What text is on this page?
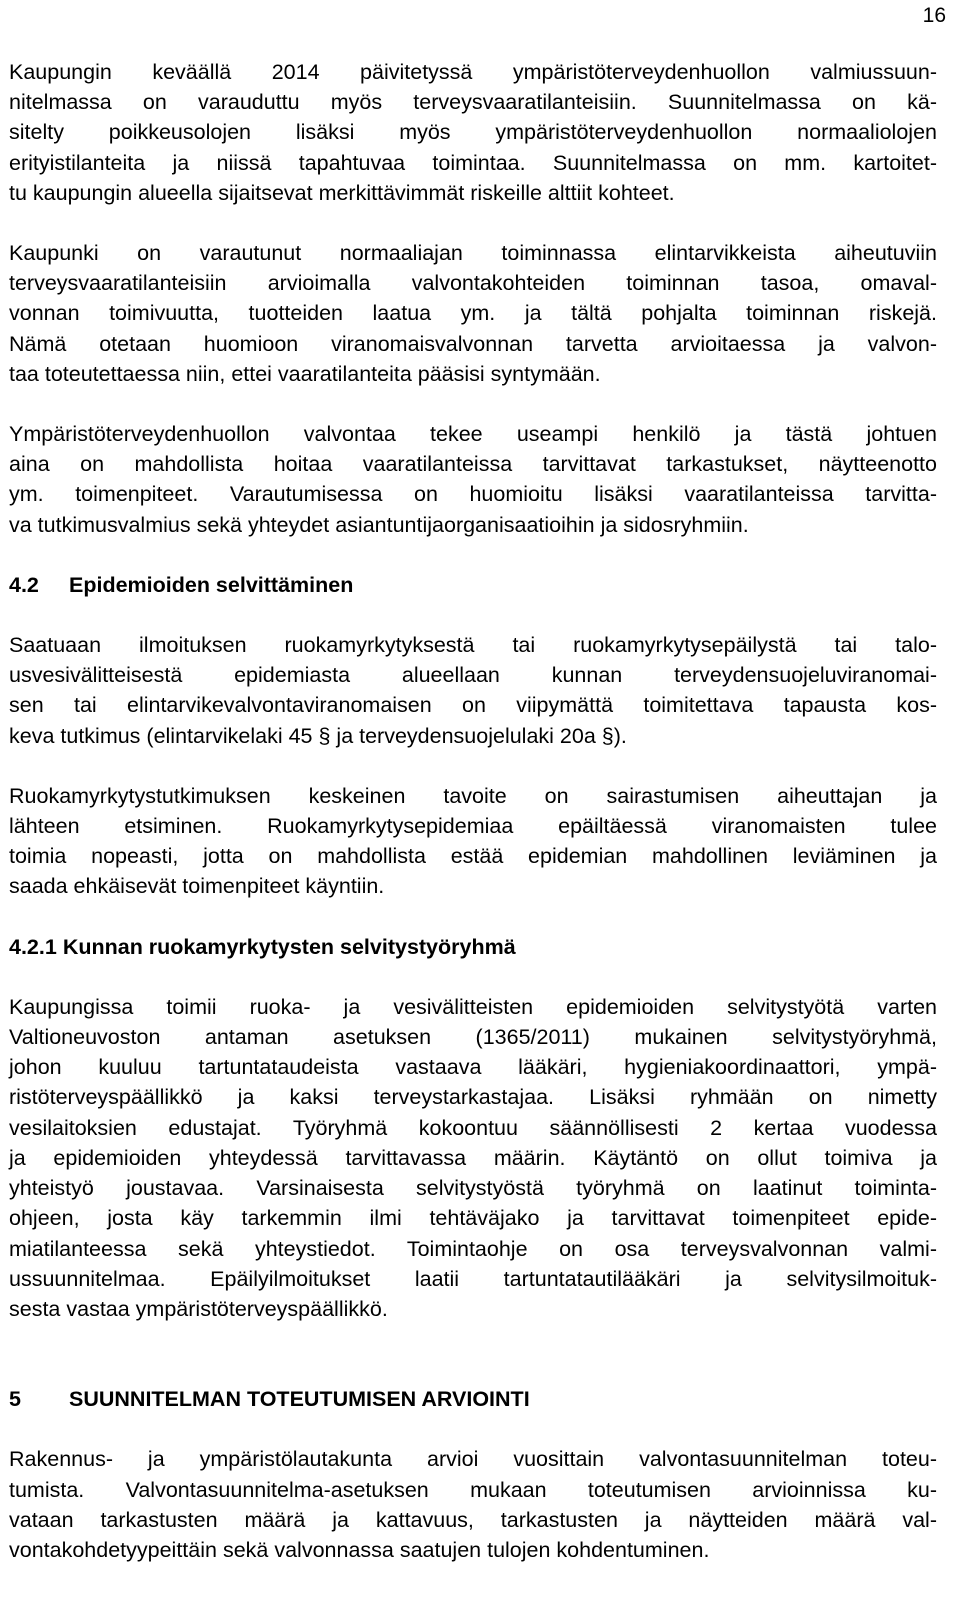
16
Kaupungin keväällä 2014 päivitetyssä ympäristöterveydenhuollon valmiussuun-
nitelmassa on varauduttu myös terveysvaaratilanteisiin. Suunnitelmassa on kä-
sitelty poikkeusolojen lisäksi myös ympäristöterveydenhuollon normaaliolojen
erityistilanteita ja niissä tapahtuvaa toimintaa. Suunnitelmassa on mm. kartoitet-
tu kaupungin alueella sijaitsevat merkittävimmät riskeille alttiit kohteet.
Kaupunki on varautunut normaaliajan toiminnassa elintarvikkeista aiheutuviin
terveysvaaratilanteisiin arvioimalla valvontakohteiden toiminnan tasoa, omaval-
vonnan toimivuutta, tuotteiden laatua ym. ja tältä pohjalta toiminnan riskejä.
Nämä otetaan huomioon viranomaisvalvonnan tarvetta arvioitaessa ja valvon-
taa toteutettaessa niin, ettei vaaratilanteita pääsisi syntymään.
Ympäristöterveydenhuollon valvontaa tekee useampi henkilö ja tästä johtuen
aina on mahdollista hoitaa vaaratilanteissa tarvittavat tarkastukset, näytteenotto
ym. toimenpiteet. Varautumisessa on huomioitu lisäksi vaaratilanteissa tarvitta-
va tutkimusvalmius sekä yhteydet asiantuntijaorganisaatioihin ja sidosryhmiin.
4.2 Epidemioiden selvittäminen
Saatuaan ilmoituksen ruokamyrkytyksestä tai ruokamyrkytysepäilystä tai talo-
usvesivälitteisestä epidemiasta alueellaan kunnan terveydensuojeluviranomai-
sen tai elintarvikevalvontaviranomaisen on viipymättä toimitettava tapausta kos-
keva tutkimus (elintarvikelaki 45 § ja terveydensuojelulaki 20a §).
Ruokamyrkytystutkimuksen keskeinen tavoite on sairastumisen aiheuttajan ja
lähteen etsiminen. Ruokamyrkytysepidemiaa epäiltäessä viranomaisten tulee
toimia nopeasti, jotta on mahdollista estää epidemian mahdollinen leviäminen ja
saada ehkäisevät toimenpiteet käyntiin.
4.2.1 Kunnan ruokamyrkytysten selvitystyöryhmä
Kaupungissa toimii ruoka- ja vesivälitteisten epidemioiden selvitystyötä varten
Valtioneuvoston antaman asetuksen (1365/2011) mukainen selvitystyöryhmä,
johon kuuluu tartuntataudeista vastaava lääkäri, hygieniakoordinaattori, ympä-
ristöterveyspäällikkö ja kaksi terveystarkastajaa. Lisäksi ryhmään on nimetty
vesilaitoksien edustajat. Työryhmä kokoontuu säännöllisesti 2 kertaa vuodessa
ja epidemioiden yhteydessä tarvittavassa määrin. Käytäntö on ollut toimiva ja
yhteistyö joustavaa. Varsinaisesta selvitystyöstä työryhmä on laatinut toiminta-
ohjeen, josta käy tarkemmin ilmi tehtäväjako ja tarvittavat toimenpiteet epide-
miatilanteessa sekä yhteystiedot. Toimintaohje on osa terveysvalvonnan valmi-
ussuunnitelmaa. Epäilyilmoitukset laatii tartuntatautilääkäri ja selvitysilmoituk-
sesta vastaa ympäristöterveyspäällikkö.
5 SUUNNITELMAN TOTEUTUMISEN ARVIOINTI
Rakennus- ja ympäristölautakunta arvioi vuosittain valvontasuunnitelman toteu-
tumista. Valvontasuunnitelma-asetuksen mukaan toteutumisen arvioinnissa ku-
vataan tarkastusten määrä ja kattavuus, tarkastusten ja näytteiden määrä val-
vontakohdetyypeittäin sekä valvonnassa saatujen tulojen kohdentuminen.
